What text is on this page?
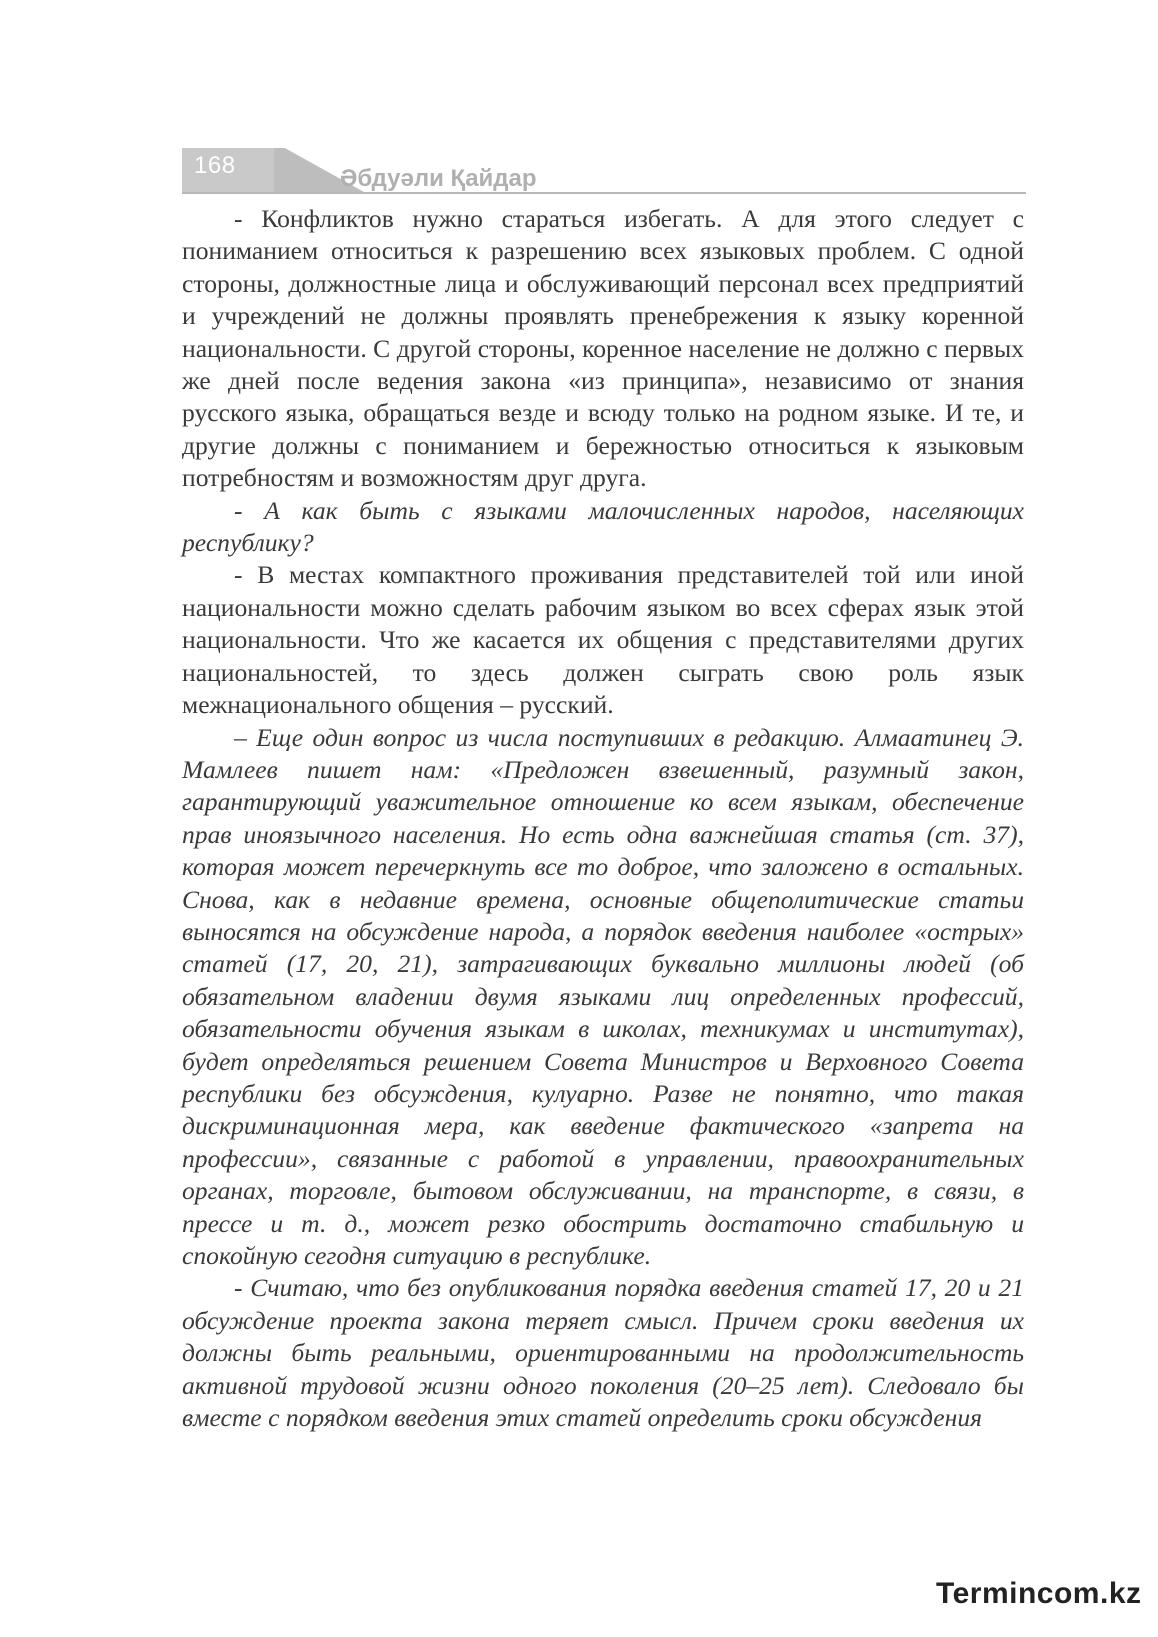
168	Әбдуәли Қайдар

- Конфликтов нужно стараться избегать. А для этого следует с пониманием относиться к разрешению всех языковых проблем. С одной стороны, должностные лица и обслуживающий персонал всех предприятий и учреждений не должны проявлять пренебрежения к языку коренной национальности. С другой стороны, коренное население не должно с первых же дней после ведения закона «из принципа», независимо от знания русского языка, обращаться везде и всюду только на родном языке. И те, и другие должны с пониманием и бережностью относиться к языковым потребностям и возможностям друг друга.

- А как быть с языками малочисленных народов, населяющих республику?

- В местах компактного проживания представителей той или иной национальности можно сделать рабочим языком во всех сферах язык этой национальности. Что же касается их общения с представителями других национальностей, то здесь должен сыграть свою роль язык межнационального общения – русский.

– Еще один вопрос из числа поступивших в редакцию. Алмаатинец Э. Мамлеев пишет нам: «Предложен взвешенный, разумный закон, гарантирующий уважительное отношение ко всем языкам, обеспечение прав иноязычного населения. Но есть одна важнейшая статья (ст. 37), которая может перечеркнуть все то доброе, что заложено в остальных. Снова, как в недавние времена, основные общеполитические статьи выносятся на обсуждение народа, а порядок введения наиболее «острых» статей (17, 20, 21), затрагивающих буквально миллионы людей (об обязательном владении двумя языками лиц определенных профессий, обязательности обучения языкам в школах, техникумах и институтах), будет определяться решением Совета Министров и Верховного Совета республики без обсуждения, кулуарно. Разве не понятно, что такая дискриминационная мера, как введение фактического «запрета на профессии», связанные с работой в управлении, правоохранительных органах, торговле, бытовом обслуживании, на транспорте, в связи, в прессе и т. д., может резко обострить достаточно стабильную и спокойную сегодня ситуацию в республике.

- Считаю, что без опубликования порядка введения статей 17, 20 и 21 обсуждение проекта закона теряет смысл. Причем сроки введения их должны быть реальными, ориентированными на продолжительность активной трудовой жизни одного поколения (20–25 лет). Следовало бы вместе с порядком введения этих статей определить сроки обсуждения

Termincom.kz
